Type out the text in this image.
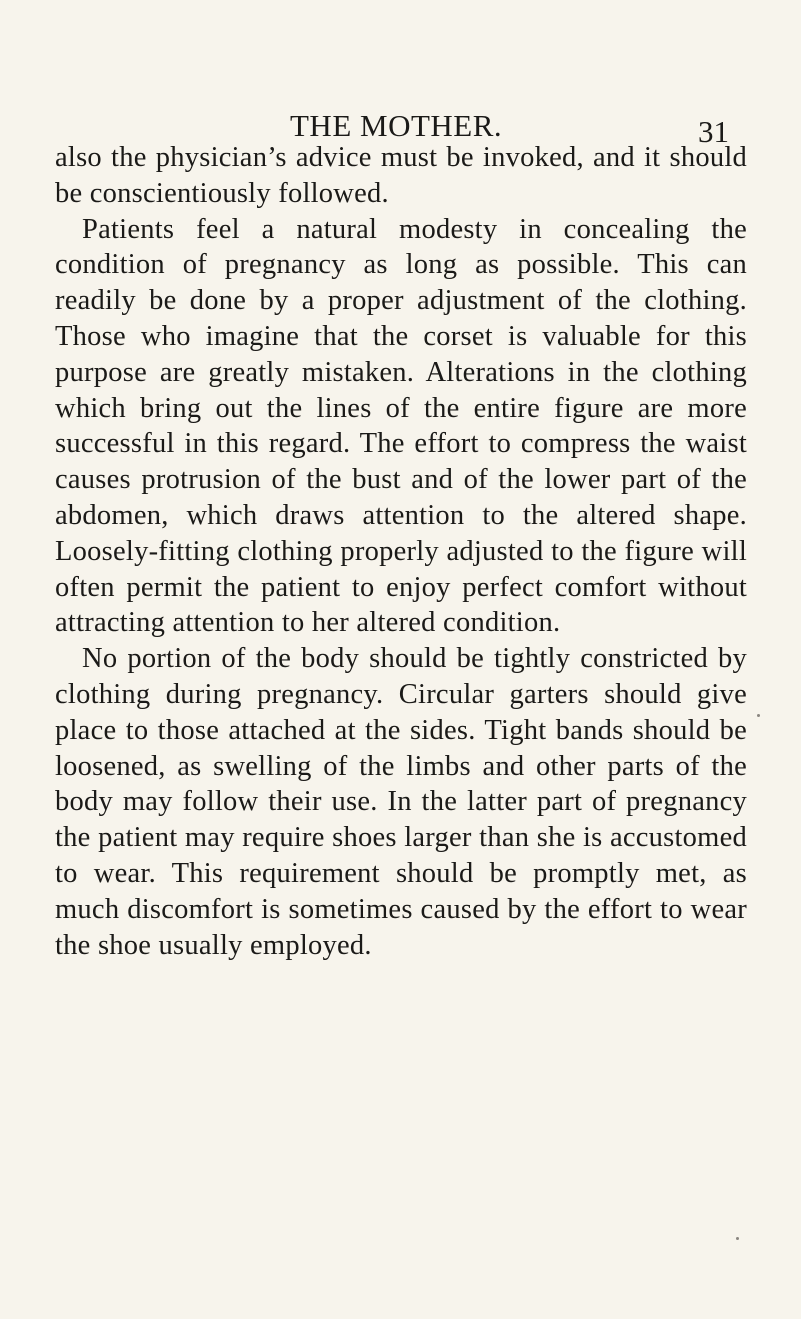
THE MOTHER.	31

also the physician’s advice must be invoked, and it should be conscientiously followed.

Patients feel a natural modesty in concealing the condition of pregnancy as long as possible. This can readily be done by a proper adjustment of the clothing. Those who imagine that the corset is valuable for this purpose are greatly mistaken. Alterations in the clothing which bring out the lines of the entire figure are more successful in this regard. The effort to compress the waist causes protrusion of the bust and of the lower part of the abdomen, which draws attention to the altered shape. Loosely-fitting clothing properly adjusted to the figure will often permit the patient to enjoy perfect comfort without attracting attention to her altered condition.

No portion of the body should be tightly constricted by clothing during pregnancy. Circular garters should give place to those attached at the sides. Tight bands should be loosened, as swelling of the limbs and other parts of the body may follow their use. In the latter part of pregnancy the patient may require shoes larger than she is accustomed to wear. This requirement should be promptly met, as much discomfort is sometimes caused by the effort to wear the shoe usually employed.
